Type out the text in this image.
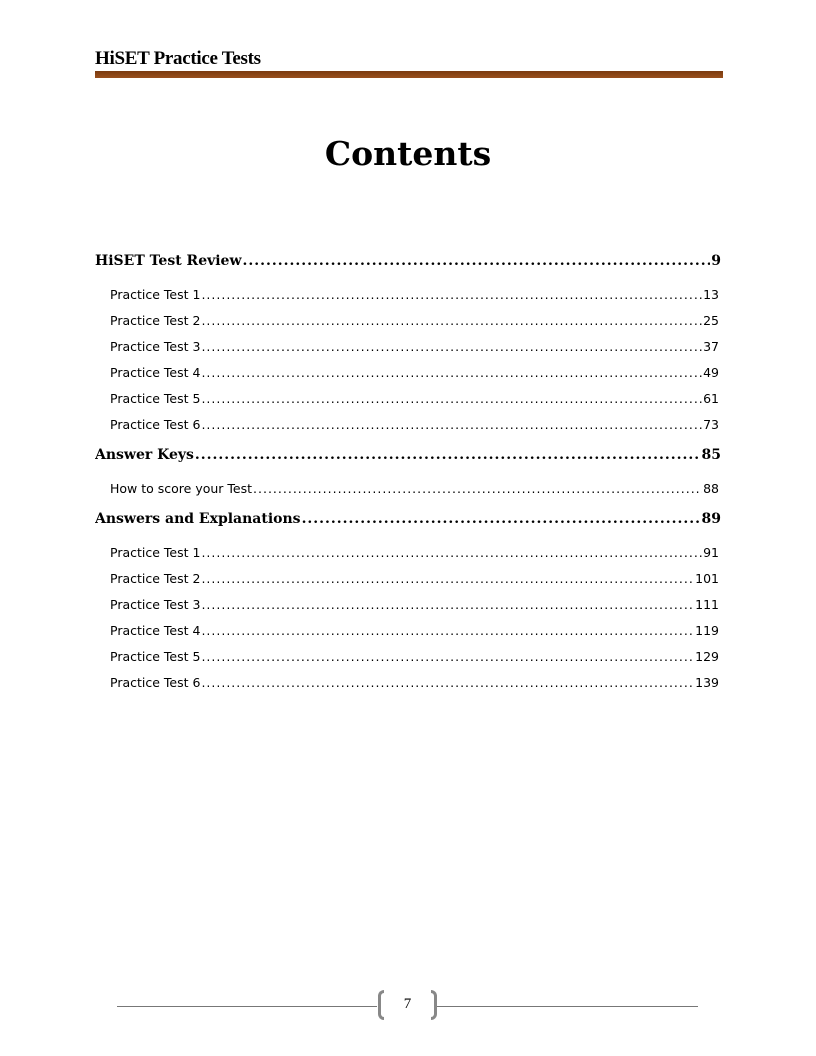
HiSET Practice Tests
Contents
HiSET Test Review .....	9
Practice Test 1 .....	13
Practice Test 2 .....	25
Practice Test 3 .....	37
Practice Test 4 .....	49
Practice Test 5 .....	61
Practice Test 6 .....	73
Answer Keys .....	85
How to score your Test .....	88
Answers and Explanations .....	89
Practice Test 1 .....	91
Practice Test 2 .....	101
Practice Test 3 .....	111
Practice Test 4 .....	119
Practice Test 5 .....	129
Practice Test 6 .....	139
7
